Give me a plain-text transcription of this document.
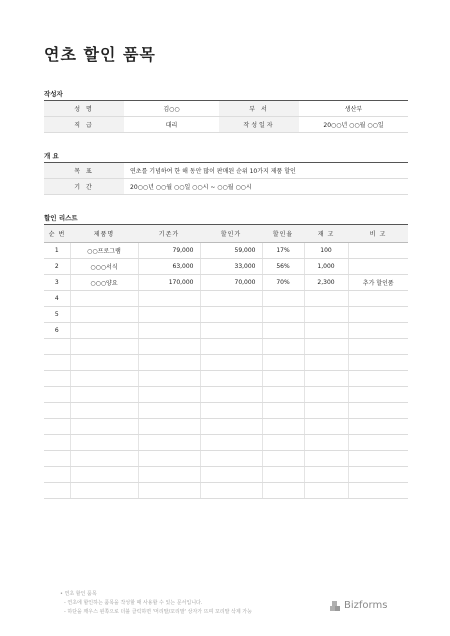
연초 할인 품목
작성자
성 명	김○○	부 서	생산부
직 급	대리	작성일자	20○○년 ○○월 ○○일
개 요
목 표	연초를 기념하여 한 해 동안 많이 판매된 순위 10가지 제품 할인
기 간	20○○년 ○○월 ○○일 ○○시 ~ ○○월 ○○시
할인 리스트
순 번	제품명	기존가	할인가	할인율	재 고	비 고
1	○○프로그램	79,000	59,000	17%	100	
2	○○○서식	63,000	33,000	56%	1,000	
3	○○○양요	170,000	70,000	70%	2,300	추가 할인품
4						
5						
6						

• 연초 할인 품목
- 연초에 할인하는 품목을 작성할 때 사용할 수 있는 문서입니다.
- 하단을 깨우스 왼쪽으로 더블 클릭하면 '머리말/꼬리말' 상자가 뜨며 꼬리말 삭제 가능
Bizforms
